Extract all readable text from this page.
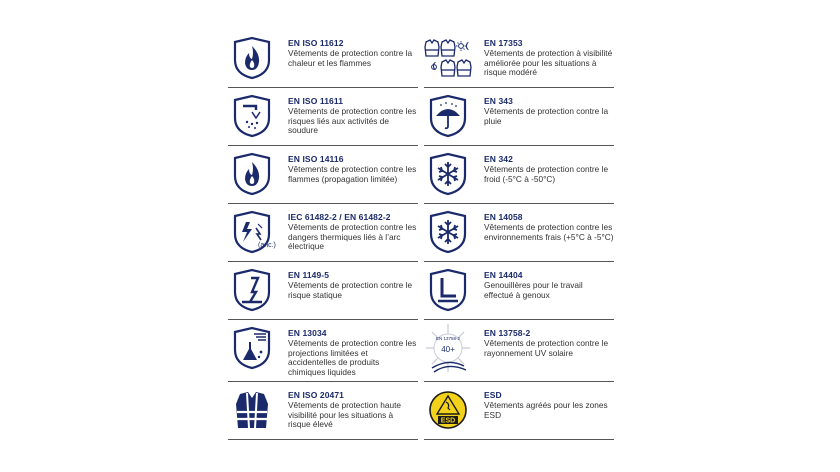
EN ISO 11612
Vêtements de protection contre la chaleur et les flammes
EN ISO 11611
Vêtements de protection contre les risques liés aux activités de soudure
EN ISO 14116
Vêtements de protection contre les flammes (propagation limitée)
(anc.)
IEC 61482-2 / EN 61482-2
Vêtements de protection contre les dangers thermiques liés à l’arc électrique
EN 1149-5
Vêtements de protection contre le risque statique
EN 13034
Vêtements de protection contre les projections limitées et accidentelles de produits chimiques liquides
EN ISO 20471
Vêtements de protection haute visibilité pour les situations à risque élevé
EN 17353
Vêtements de protection à visibilité améliorée pour les situations à risque modéré
EN 343
Vêtements de protection contre la pluie
EN 342
Vêtements de protection contre le froid (-5°C à -50°C)
EN 14058
Vêtements de protection contre les environnements frais (+5°C à -5°C)
EN 14404
Genouillères pour le travail effectué à genoux
EN 13758-2
40+
EN 13758-2
Vêtements de protection contre le rayonnement UV solaire
ESD
ESD
Vêtements agréés pour les zones ESD
